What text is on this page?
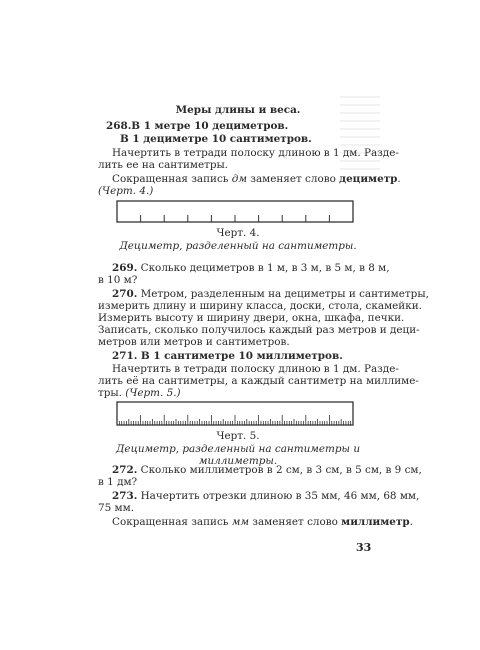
Меры длины и веса.
268.В 1 метре 10 дециметров.
В 1 дециметре 10 сантиметров.
Начертить в тетради полоску длиною в 1 дм. Разде-
лить ее на сантиметры.
Сокращенная запись дм заменяет слово дециметр.
(Черт. 4.)
Черт. 4.
Дециметр, разделенный на сантиметры.
269. Сколько дециметров в 1 м, в 3 м, в 5 м, в 8 м,
в 10 м?
270. Метром, разделенным на дециметры и сантиметры,
измерить длину и ширину класса, доски, стола, скамейки.
Измерить высоту и ширину двери, окна, шкафа, печки.
Записать, сколько получилось каждый раз метров и деци-
метров или метров и сантиметров.
271. В 1 сантиметре 10 миллиметров.
Начертить в тетради полоску длиною в 1 дм. Разде-
лить её на сантиметры, а каждый сантиметр на миллиме-
тры. (Черт. 5.)
Черт. 5.
Дециметр, разделенный на сантиметры и миллиметры.
272. Сколько миллиметров в 2 см, в 3 см, в 5 см, в 9 см,
в 1 дм?
273. Начертить отрезки длиною в 35 мм, 46 мм, 68 мм,
75 мм.
Сокращенная запись мм заменяет слово миллиметр.
33
